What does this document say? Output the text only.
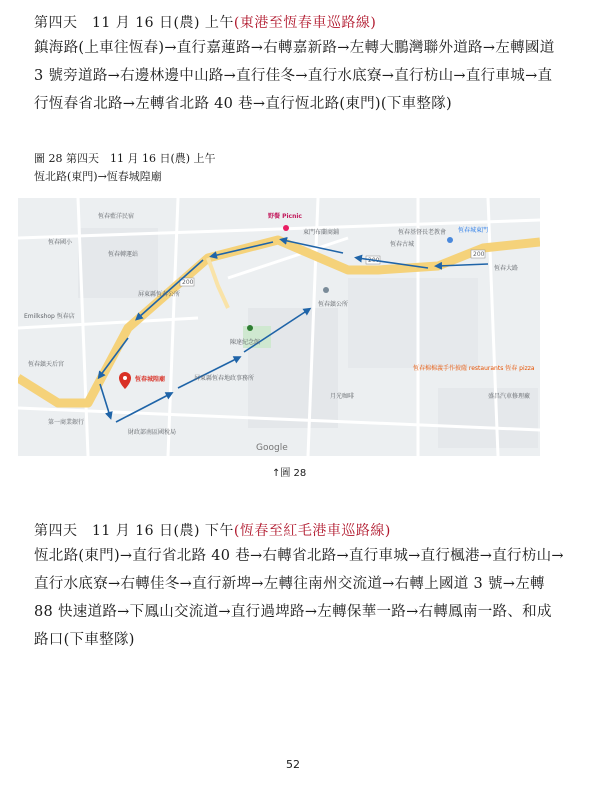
第四天　11 月 16 日(農) 上午(東港至恆春車巡路線)
鎮海路(上車往恆春)→直行嘉蓮路→右轉嘉新路→左轉大鵬灣聯外道路→左轉國道 3 號旁道路→右邊林邊中山路→直行佳冬→直行水底寮→直行枋山→直行車城→直行恆春省北路→左轉省北路 40 巷→直行恆北路(東門)(下車整隊)
圖 28 第四天　11 月 16 日(農) 上午
恆北路(東門)→恆春城隍廟
200
200
200
野餐 Picnic
東門布蘭商鋪
恆春轉運站
恆春國小
恆春鎮公所
恆春基督長老教會 恆春城東門
恆春古城
屏東縣恆春公所
陳達紀念館
恆春城隍廟	屏東縣恆春地政事務所
恆春大路
恆春棉棉義手作披薩 restaurants 恆春 pizza
盛昌汽車修理廠
Emilkshop 恆春店
恆春鎮天后宮
第一商業銀行
財政部南區國稅局
月光咖啡
恆春藍洋民宿
Google
↑圖 28
第四天　11 月 16 日(農) 下午(恆春至紅毛港車巡路線)
恆北路(東門)→直行省北路 40 巷→右轉省北路→直行車城→直行楓港→直行枋山→直行水底寮→右轉佳冬→直行新埤→左轉往南州交流道→右轉上國道 3 號→左轉 88 快速道路→下鳳山交流道→直行過埤路→左轉保華一路→右轉鳳南一路、和成路口(下車整隊)
52
